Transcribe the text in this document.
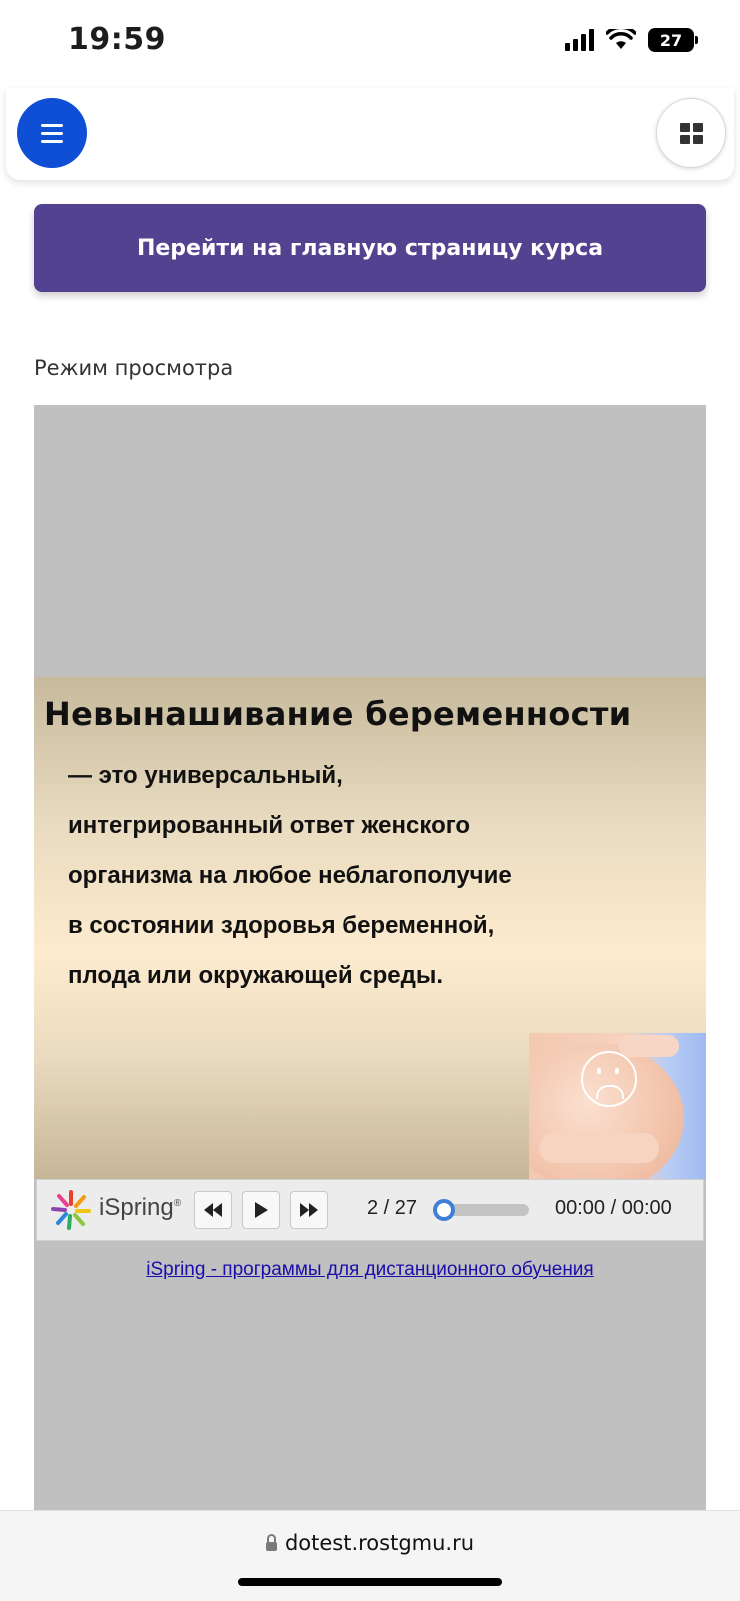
19:59	27

Перейти на главную страницу курса
Режим просмотра
Невынашивание беременности
— это универсальный,
интегрированный ответ женского
организма на любое неблагополучие
в состоянии здоровья беременной,
плода или окружающей среды.
iSpring®	2 / 27	00:00 / 00:00
iSpring - программы для дистанционного обучения
dotest.rostgmu.ru
